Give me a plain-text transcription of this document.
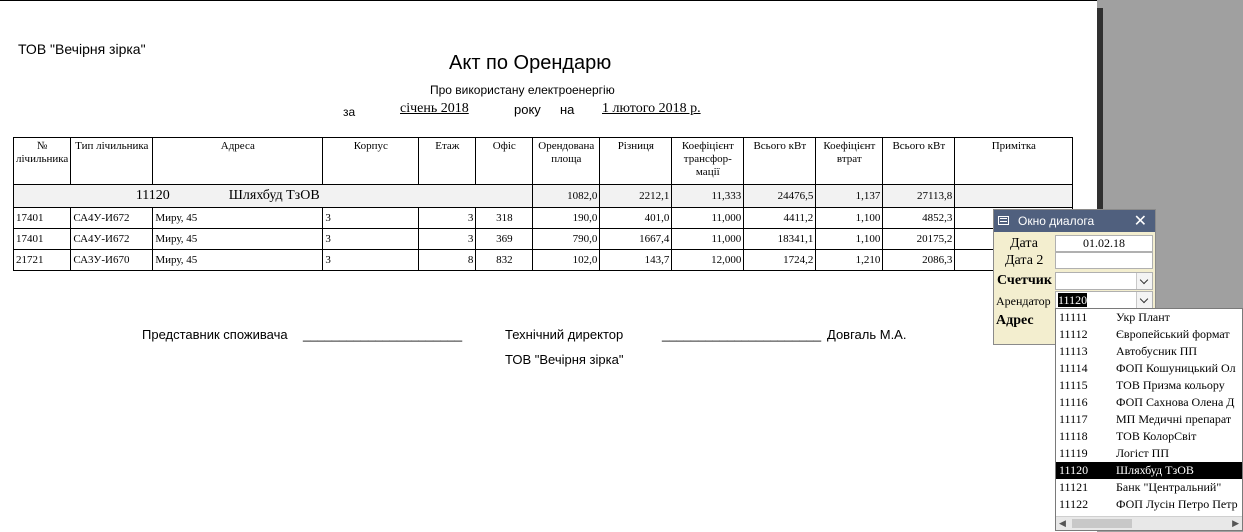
ТОВ "Вечірня зірка"
Акт по Орендарю
Про використану електроенергію
за	січень 2018	року на 1 лютого 2018 р.
№ лічильника	Тип лічильника	Адреса	Корпус	Етаж	Офіс	Орендована площа	Різниця	Коефіцієнт трансфор-мації	Всього кВт	Коефіцієнт втрат	Всього кВт	Примітка
	11120 Шляхбуд ТзОВ					1082,0	2212,1	11,333	24476,5	1,137	27113,8	
17401	СА4У-И672	Миру, 45	3	3	318	190,0	401,0	11,000	4411,2	1,100	4852,3	
17401	СА4У-И672	Миру, 45	3	3	369	790,0	1667,4	11,000	18341,1	1,100	20175,2	
21721	СА3У-И670	Миру, 45	3	8	832	102,0	143,7	12,000	1724,2	1,210	2086,3	
Представник споживача ______________________	Технічний директор	______________________ Довгаль М.А.
ТОВ "Вечірня зірка"
Окно диалога ✕
Дата	01.02.18
Дата 2
Счетчик
Арендатор 11120
Адрес 11111 Укр Плант
11112 Європейський формат
11113 Автобусник ПП
11114 ФОП Кошуницький Ол
11115 ТОВ Призма кольору
11116 ФОП Сахнова Олена Д
11117 МП Медичні препарат
11118 ТОВ КолорСвіт
11119 Логіст ПП
11120 Шляхбуд ТзОВ
11121 Банк "Центральний"
11122 ФОП Лусін Петро Петр
◀	▶
